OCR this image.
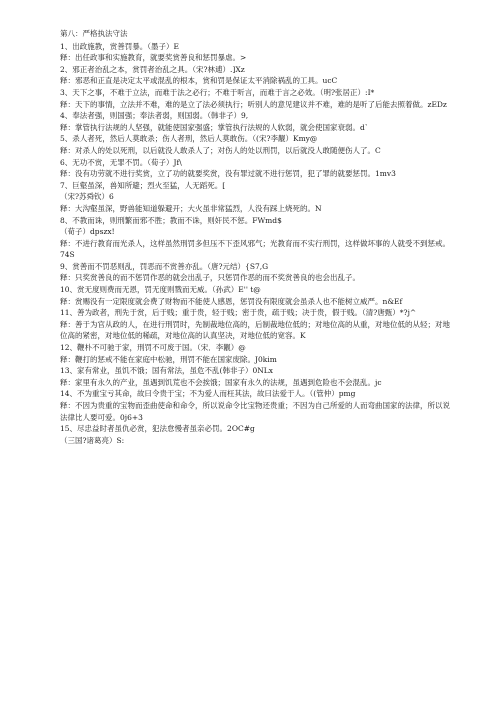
第八：严格执法守法

1、出政施教，赏善罚暴。（墨子）E

释：出任政事和实施教育，就要奖赏善良和惩罚暴虐。>

2、邪正者治乱之本，赏罚者治乱之具。（宋?林逋）.]Xz

释：邪恶和正直是决定太平或混乱的根本，赏和罚是保证太平消除祸乱的工具。ucC

3、天下之事，不难于立法，而难于法之必行；不难于听言，而难于言之必效。（明?张居正）:I*

释：天下的事情，立法并不难，难的是立了法必须执行；听别人的意见建议并不难，难的是听了后能去照着做。zEDz

4、奉法者强，则国强；奉法者弱，则国弱。（韩非子）9,

释：掌管执行法规的人坚强，就能使国家强盛；掌管执行法规的人软弱，就会使国家衰弱。d`

5、杀人者死，然后人莫敢杀；伤人者刑，然后人莫敢伤。（(宋?李觏）Kmy@

释：对杀人的处以死刑，以后就没人敢杀人了；对伤人的处以刑罚，以后就没人敢随便伤人了。C

6、无功不赏，无罪不罚。（荀子）Jf\

释：没有功劳就不进行奖赏，立了功的就要奖赏，没有罪过就不进行惩罚，犯了罪的就要惩罚。1mv3

7、巨壑虽深，兽知所避；烈火至猛，人无蹈死。[

（宋?苏舜钦）6

释：大沟壑虽深，野兽能知道躲避开；大火虽非常猛烈，人没有踩上烧死的。N

8、不教而诛，则刑繁而邪不胜；教而不诛，则奸民不惩。FWmd$

（荀子）dpszx!

释：不进行教育而光杀人，这样虽然刑罚多但压不下歪风邪气；光教育而不实行刑罚，这样做坏事的人就受不到惩戒。74S

9、赏善而不罚恶则乱，罚恶而不赏善亦乱。（唐?元结）{S7,G

释：只奖赏善良的而不惩罚作恶的就会出乱子，只惩罚作恶的而不奖赏善良的也会出乱子。

10、赏无度则费而无恩，罚无度则戮而无威。（孙武）E'' t@

释：赏赐没有一定限度就会费了财物而不能使人感恩，惩罚没有限度就会虽杀人也不能树立威严。n&Ef

11、善为政者，刑先于赏，后于贱；重于贵，轻于贱；密于贵，疏于贱；决于贵，假于贱。（清?唐甄）*?j^

释：善于为官从政的人，在进行刑罚时，先制裁地位高的，后制裁地位低的；对地位高的从重，对地位低的从轻；对地位高的紧密，对地位低的稀疏，对地位高的认真坚决，对地位低的宽容。K

12、鞭朴不可驰于家，刑罚不可废于国。（宋．李觏）@

释：鞭打的惩戒不能在家庭中松驰，刑罚不能在国家废除。J0kim

13、家有常业，虽饥不饿；国有常法，虽危不乱(韩非子）0NLx

释：家里有永久的产业，虽遇到饥荒也不会挨饿；国家有永久的法规，虽遇到危险也不会混乱。jc

14、不为重宝亏其命，故曰令贵于宝；不为爱人而枉其法，故曰法爱于人。（(管仲）pmg

释：不因为贵重的宝物而歪曲使命和命令，所以说命令比宝物还贵重；不因为自己所爱的人而弯曲国家的法律，所以说法律比人要可爱。0j6+3

15、尽忠益时者虽仇必赏，犯法怠慢者虽亲必罚。2OC#g

（三国?诸葛亮）S:
